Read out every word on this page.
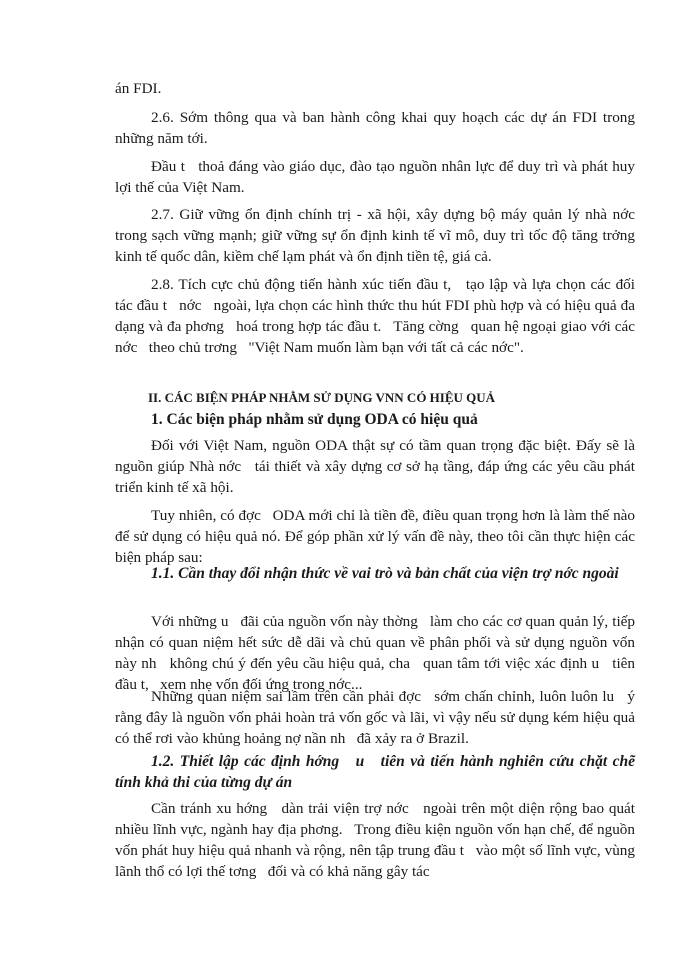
án FDI.

2.6. Sớm thông qua và ban hành công khai quy hoạch các dự án FDI trong những năm tới.

Đầu t   thoả đáng vào giáo dục, đào tạo nguồn nhân lực để duy trì và phát huy lợi thế của Việt Nam.

2.7. Giữ vững ổn định chính trị - xã hội, xây dựng bộ máy quản lý nhà nớc   trong sạch vững mạnh; giữ vững sự ổn định kinh tế vĩ mô, duy trì tốc độ tăng trởng   kinh tế quốc dân, kiềm chế lạm phát và ổn định tiền tệ, giá cả.

2.8. Tích cực chủ động tiến hành xúc tiến đầu t,   tạo lập và lựa chọn các đối tác đầu t   nớc   ngoài, lựa chọn các hình thức thu hút FDI phù hợp và có hiệu quả đa dạng và đa phơng   hoá trong hợp tác đầu t.   Tăng cờng   quan hệ ngoại giao với các nớc   theo chủ trơng   "Việt Nam muốn làm bạn với tất cả các nớc".

II. CÁC BIỆN PHÁP NHẰM SỬ DỤNG VNN CÓ HIỆU QUẢ

1. Các biện pháp nhằm sử dụng ODA có hiệu quả

Đối với Việt Nam, nguồn ODA thật sự có tầm quan trọng đặc biệt. Đấy sẽ là nguồn giúp Nhà nớc   tái thiết và xây dựng cơ sở hạ tầng, đáp ứng các yêu cầu phát triển kinh tế xã hội.

Tuy nhiên, có đợc   ODA mới chỉ là tiền đề, điều quan trọng hơn là làm thế nào để sử dụng có hiệu quả nó. Để góp phần xử lý vấn đề này, theo tôi cần thực hiện các biện pháp sau:

1.1. Cần thay đổi nhận thức về vai trò và bản chất của viện trợ nớc ngoài

Với những u   đãi của nguồn vốn này thờng   làm cho các cơ quan quản lý, tiếp nhận có quan niệm hết sức dễ dãi và chủ quan về phân phối và sử dụng nguồn vốn này nh   không chú ý đến yêu cầu hiệu quả, cha   quan tâm tới việc xác định u   tiên đầu t,   xem nhẹ vốn đối ứng trong nớc...

Những quan niệm sai lầm trên cần phải đợc   sớm chấn chỉnh, luôn luôn lu   ý rằng đây là nguồn vốn phải hoàn trả vốn gốc và lãi, vì vậy nếu sử dụng kém hiệu quả có thể rơi vào khủng hoảng nợ nần nh   đã xảy ra ở Brazil.

1.2. Thiết lập các định hớng   u   tiên và tiến hành nghiên cứu chặt chẽ tính khả thi của từng dự án

Cần tránh xu hớng   dàn trải viện trợ nớc   ngoài trên một diện rộng bao quát nhiều lĩnh vực, ngành hay địa phơng.   Trong điều kiện nguồn vốn hạn chế, để nguồn vốn phát huy hiệu quả nhanh và rộng, nên tập trung đầu t   vào một số lĩnh vực, vùng lãnh thổ có lợi thế tơng   đối và có khả năng gây tác
